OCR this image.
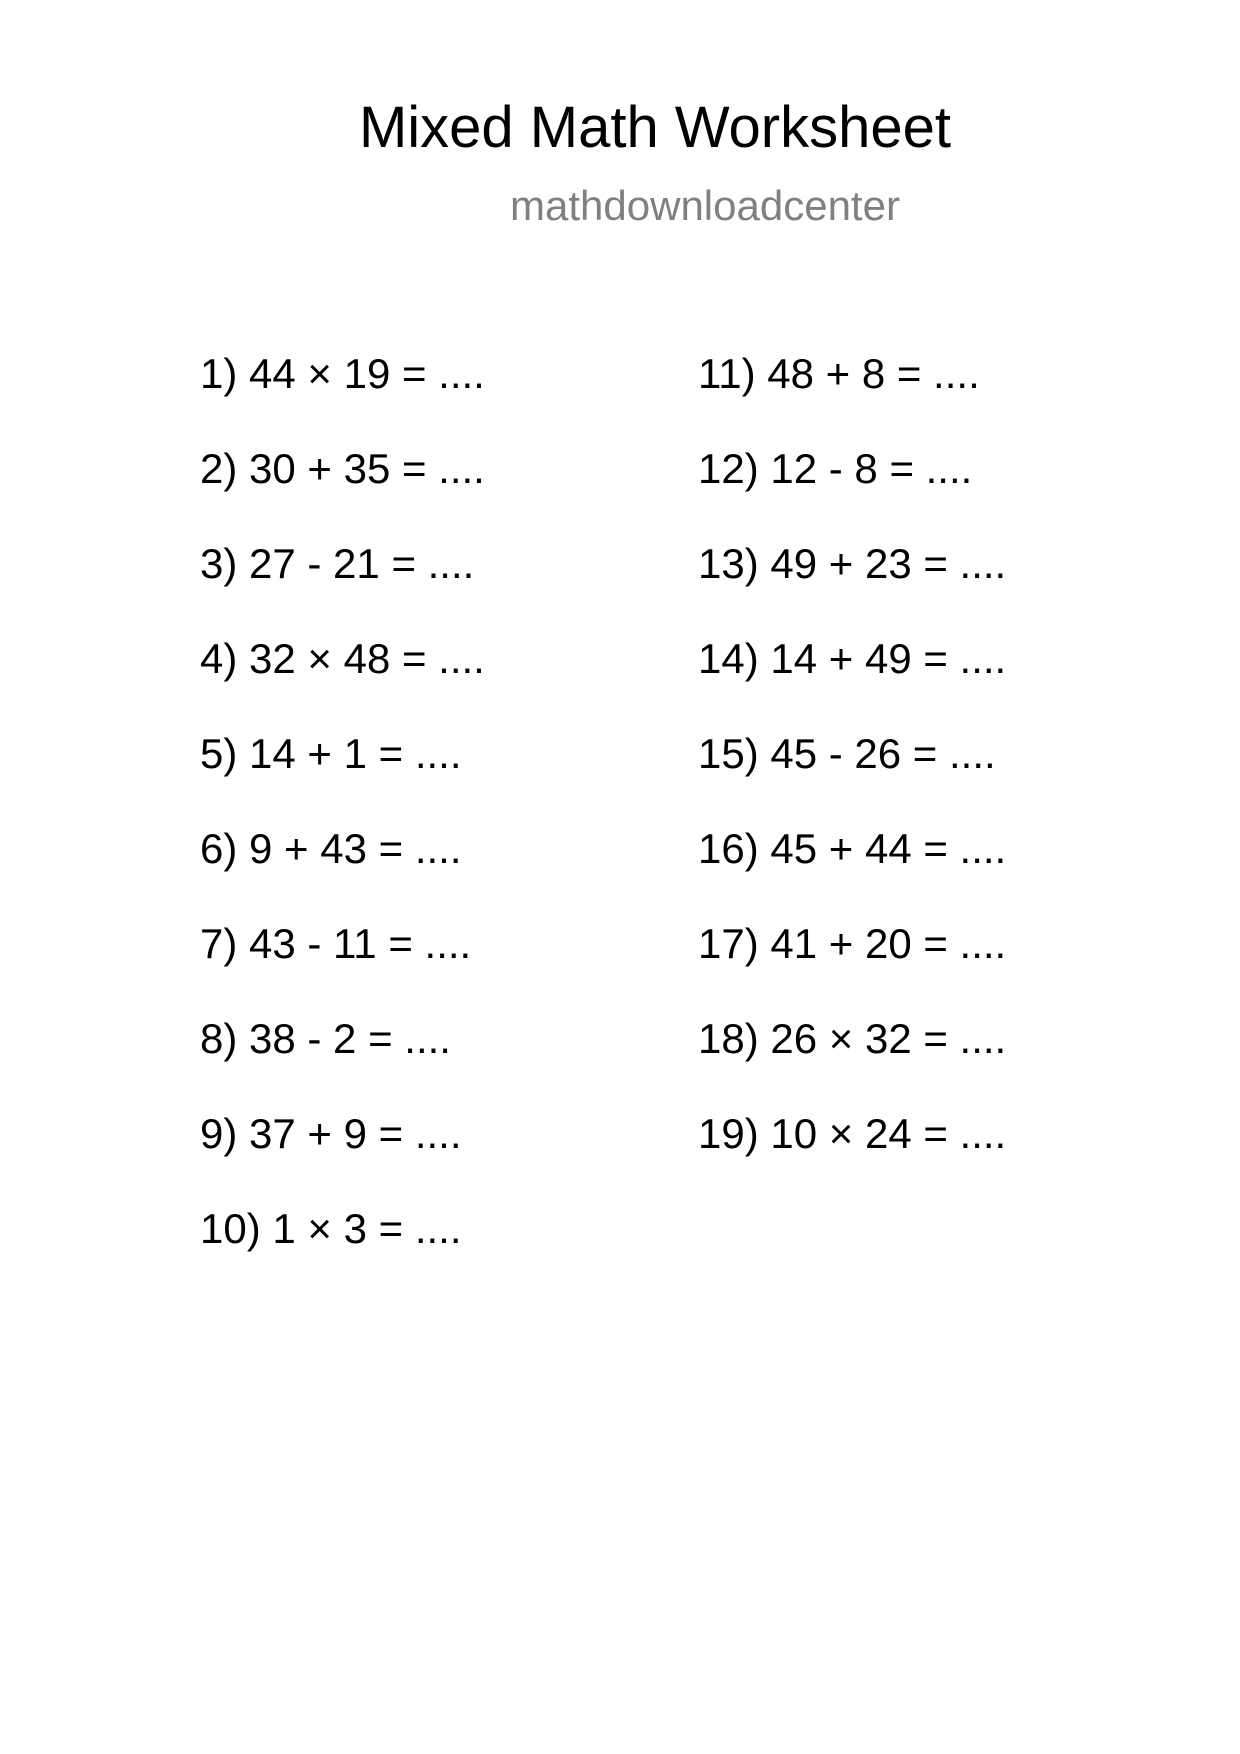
Mixed Math Worksheet
mathdownloadcenter
1) 44 × 19 = ....
2) 30 + 35 = ....
3) 27 - 21 = ....
4) 32 × 48 = ....
5) 14 + 1 = ....
6) 9 + 43 = ....
7) 43 - 11 = ....
8) 38 - 2 = ....
9) 37 + 9 = ....
10) 1 × 3 = ....
11) 48 + 8 = ....
12) 12 - 8 = ....
13) 49 + 23 = ....
14) 14 + 49 = ....
15) 45 - 26 = ....
16) 45 + 44 = ....
17) 41 + 20 = ....
18) 26 × 32 = ....
19) 10 × 24 = ....
